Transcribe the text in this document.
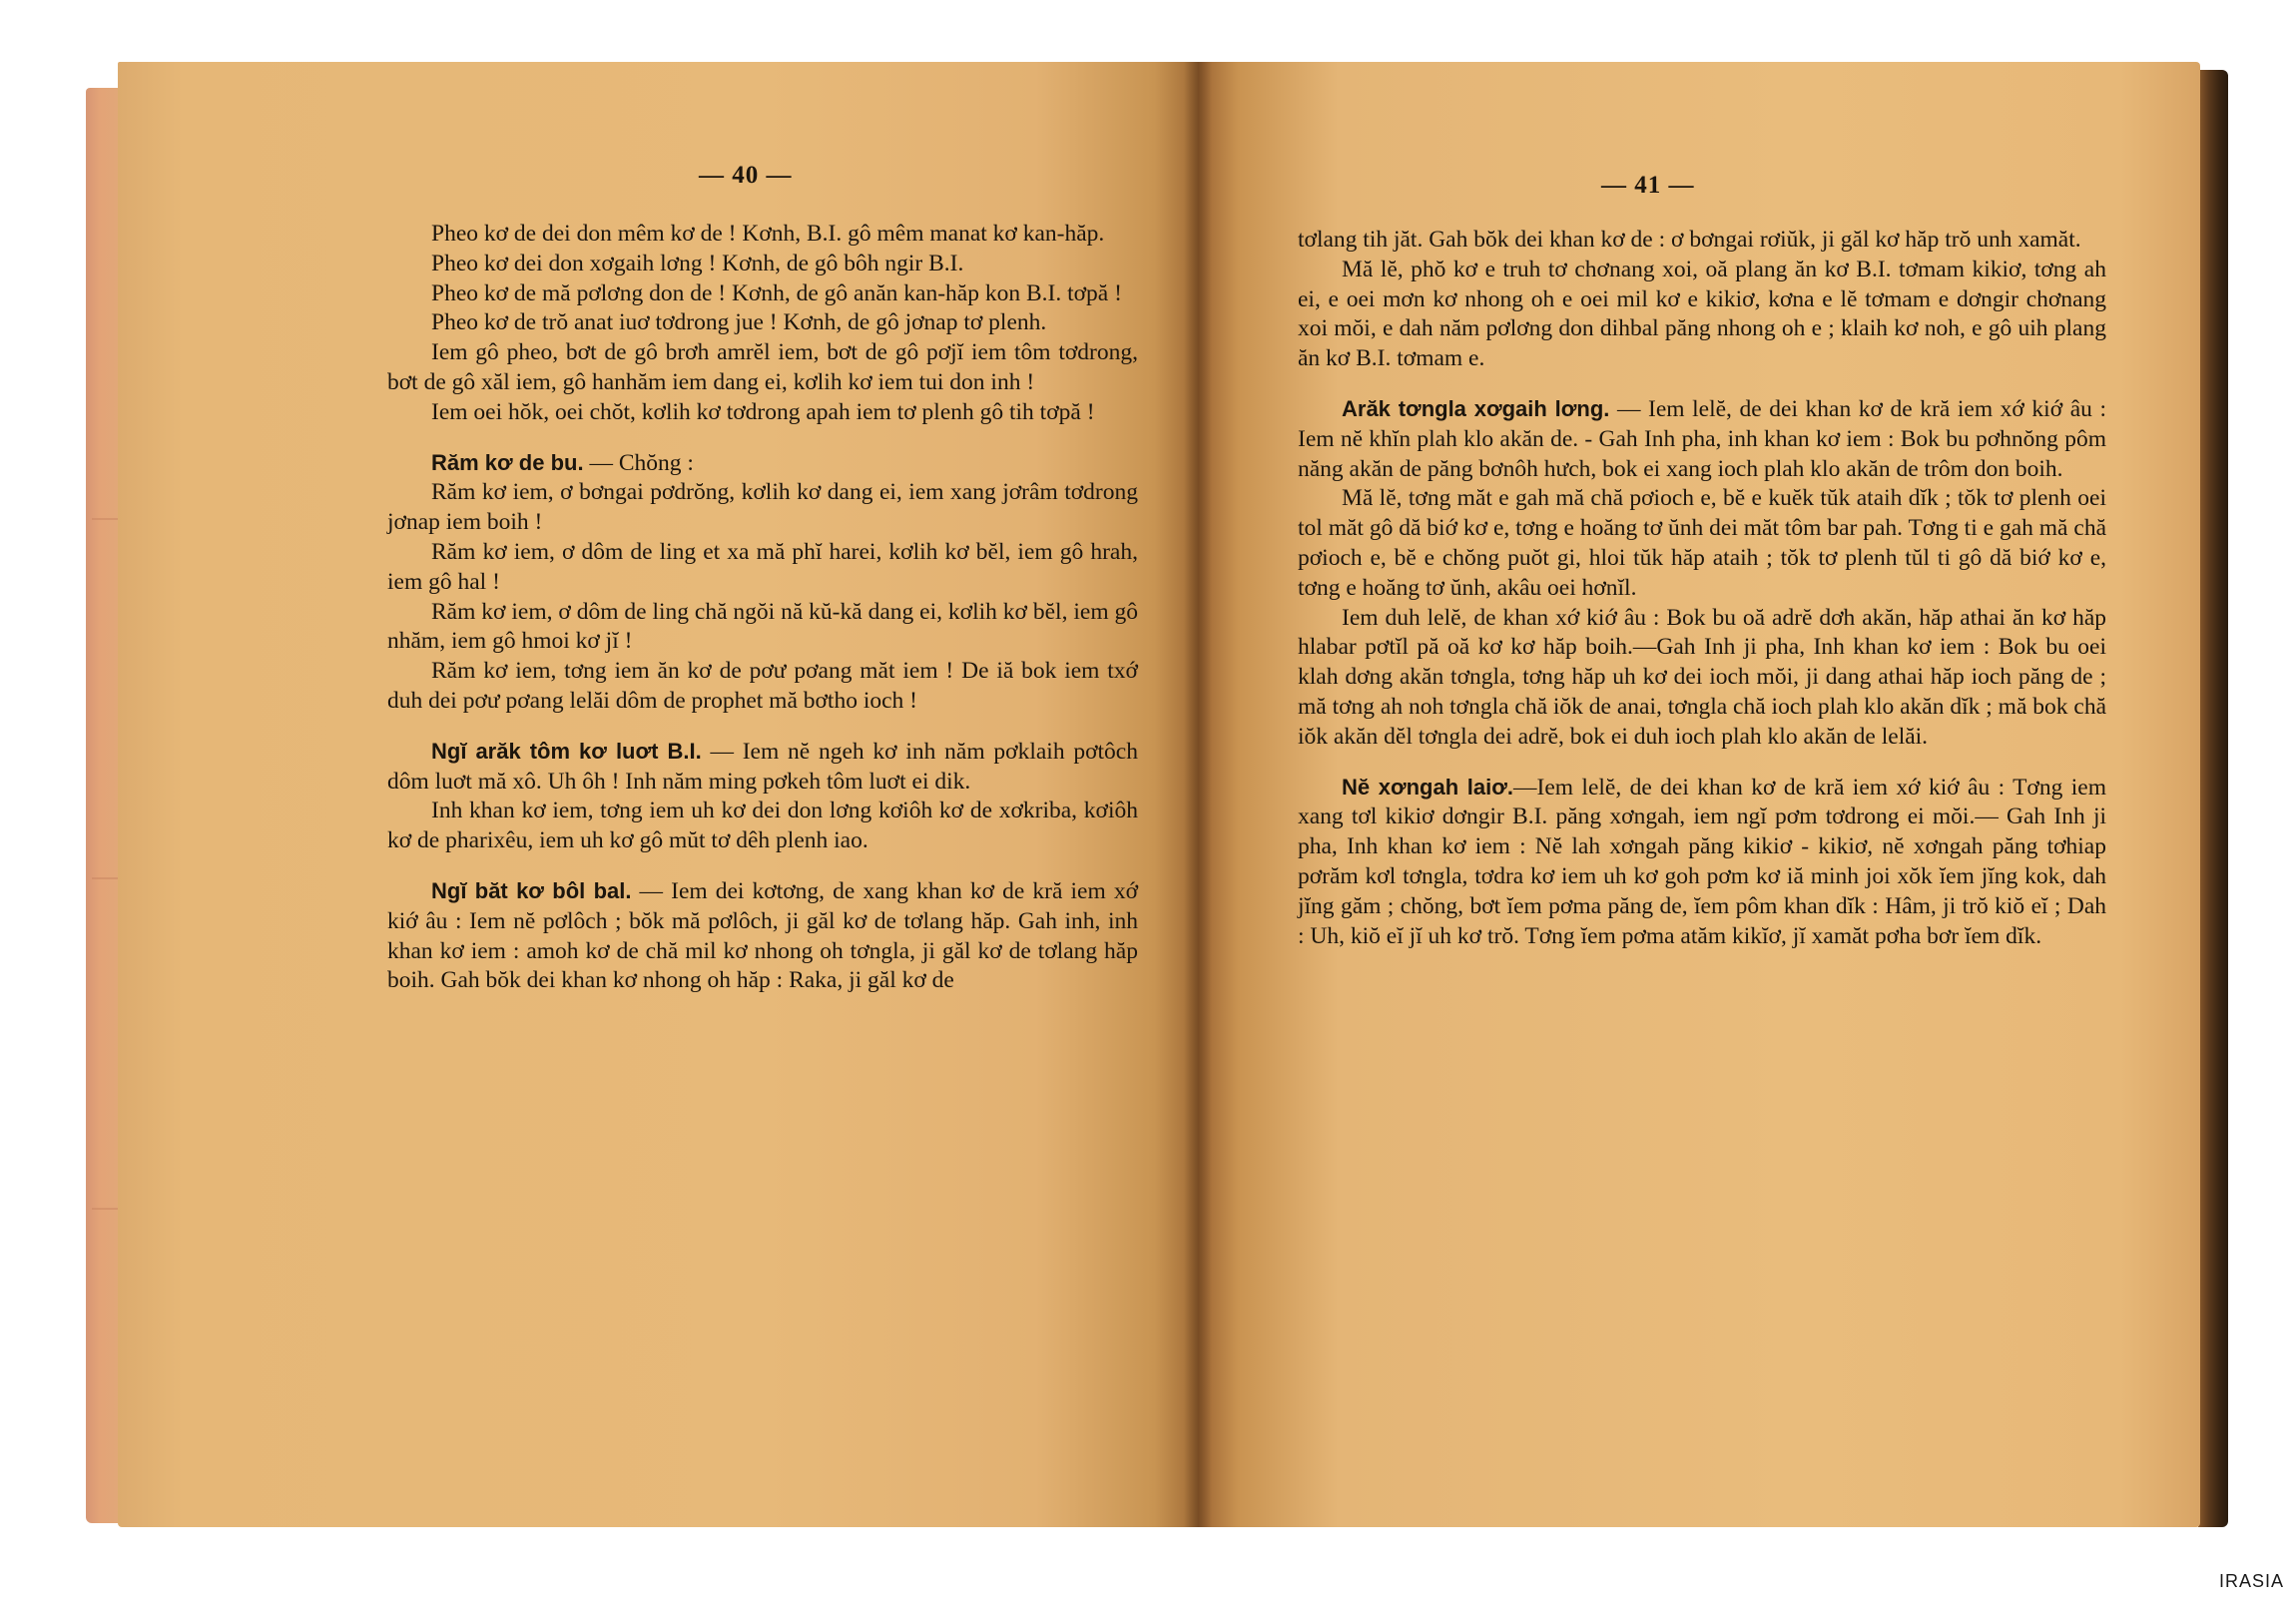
— 40 —

Pheo kơ de dei don mêm kơ de ! Kơnh, B.I. gô mêm manat kơ kan-hăp.

Pheo kơ dei don xơgaih lơng ! Kơnh, de gô bôh ngir B.I.

Pheo kơ de mă pơlơng don de ! Kơnh, de gô anăn kan-hăp kon B.I. tơpă !

Pheo kơ de trŏ anat iuơ tơdrong jue ! Kơnh, de gô jơnap tơ plenh.

Iem gô pheo, bơt de gô brơh amrĕl iem, bơt de gô pơjĭ iem tôm tơdrong, bơt de gô xăl iem, gô hanhăm iem dang ei, kơlih kơ iem tui don inh !

Iem oei hŏk, oei chŏt, kơlih kơ tơdrong apah iem tơ plenh gô tih tơpă !

Răm kơ de bu. — Chŏng :

Răm kơ iem, ơ bơngai pơdrŏng, kơlih kơ dang ei, iem xang jơrâm tơdrong jơnap iem boih !

Răm kơ iem, ơ dôm de ling et xa mă phĭ harei, kơlih kơ bĕl, iem gô hrah, iem gô hal !

Răm kơ iem, ơ dôm de ling chă ngŏi nă kŭ-kă dang ei, kơlih kơ bĕl, iem gô nhăm, iem gô hmoi kơ jĭ !

Răm kơ iem, tơng iem ăn kơ de pơư pơang măt iem ! De iă bok iem txớ duh dei pơư pơang lelăi dôm de prophet mă bơtho ioch !

Ngĭ arăk tôm kơ luơt B.I. — Iem nĕ ngeh kơ inh năm pơklaih pơtôch dôm luơt mă xô. Uh ôh ! Inh năm ming pơkeh tôm luơt ei dik.

Inh khan kơ iem, tơng iem uh kơ dei don lơng kơiôh kơ de xơkriba, kơiôh kơ de pharixêu, iem uh kơ gô mŭt tơ dêh plenh iao.

Ngĭ băt kơ bôl bal. — Iem dei kơtơng, de xang khan kơ de kră iem xớ kiớ âu : Iem nĕ pơlôch ; bŏk mă pơlôch, ji găl kơ de tơlang hăp. Gah inh, inh khan kơ iem : amoh kơ de chă mil kơ nhong oh tơngla, ji găl kơ de tơlang hăp boih. Gah bŏk dei khan kơ nhong oh hăp : Raka, ji găl kơ de

— 41 —

tơlang tih jăt. Gah bŏk dei khan kơ de : ơ bơngai rơiŭk, ji găl kơ hăp trŏ unh xamăt.

Mă lĕ, phŏ kơ e truh tơ chơnang xoi, oă plang ăn kơ B.I. tơmam kikiơ, tơng ah ei, e oei mơn kơ nhong oh e oei mil kơ e kikiơ, kơna e lĕ tơmam e dơngir chơnang xoi mŏi, e dah năm pơlơng don dihbal păng nhong oh e ; klaih kơ noh, e gô uih plang ăn kơ B.I. tơmam e.

Arăk tơngla xơgaih lơng. — Iem lelĕ, de dei khan kơ de kră iem xớ kiớ âu : Iem nĕ khĭn plah klo akăn de. - Gah Inh pha, inh khan kơ iem : Bok bu pơhnŏng pôm năng akăn de păng bơnôh hưch, bok ei xang ioch plah klo akăn de trôm don boih.

Mă lĕ, tơng măt e gah mă chă pơioch e, bĕ e kuĕk tŭk ataih dĭk ; tŏk tơ plenh oei tol măt gô dă biớ kơ e, tơng e hoăng tơ ŭnh dei măt tôm bar pah. Tơng ti e gah mă chă pơioch e, bĕ e chŏng puŏt gi, hloi tŭk hăp ataih ; tŏk tơ plenh tŭl ti gô dă biớ kơ e, tơng e hoăng tơ ŭnh, akâu oei hơnĭl.

Iem duh lelĕ, de khan xớ kiớ âu : Bok bu oă adrĕ dơh akăn, hăp athai ăn kơ hăp hlabar pơtĭl pă oă kơ kơ hăp boih.—Gah Inh ji pha, Inh khan kơ iem : Bok bu oei klah dơng akăn tơngla, tơng hăp uh kơ dei ioch mŏi, ji dang athai hăp ioch păng de ; mă tơng ah noh tơngla chă iŏk de anai, tơngla chă ioch plah klo akăn dĭk ; mă bok chă iŏk akăn dĕl tơngla dei adrĕ, bok ei duh ioch plah klo akăn de lelăi.

Nĕ xơngah laiơ.—Iem lelĕ, de dei khan kơ de kră iem xớ kiớ âu : Tơng iem xang tơl kikiơ dơngir B.I. păng xơngah, iem ngĭ pơm tơdrong ei mŏi.— Gah Inh ji pha, Inh khan kơ iem : Nĕ lah xơngah păng kikiơ - kikiơ, nĕ xơngah păng tơhiap pơrăm kơl tơngla, tơdra kơ iem uh kơ goh pơm kơ iă minh joi xŏk ĭem jĭng kok, dah jĭng găm ; chŏng, bơt ĭem pơma păng de, ĭem pôm khan dĭk : Hâm, ji trŏ kiŏ eĭ ; Dah : Uh, kiŏ eĭ jĭ uh kơ trŏ. Tơng ĭem pơma atăm kikĭơ, jĭ xamăt pơha bơr ĭem dĭk.

IRASIA
